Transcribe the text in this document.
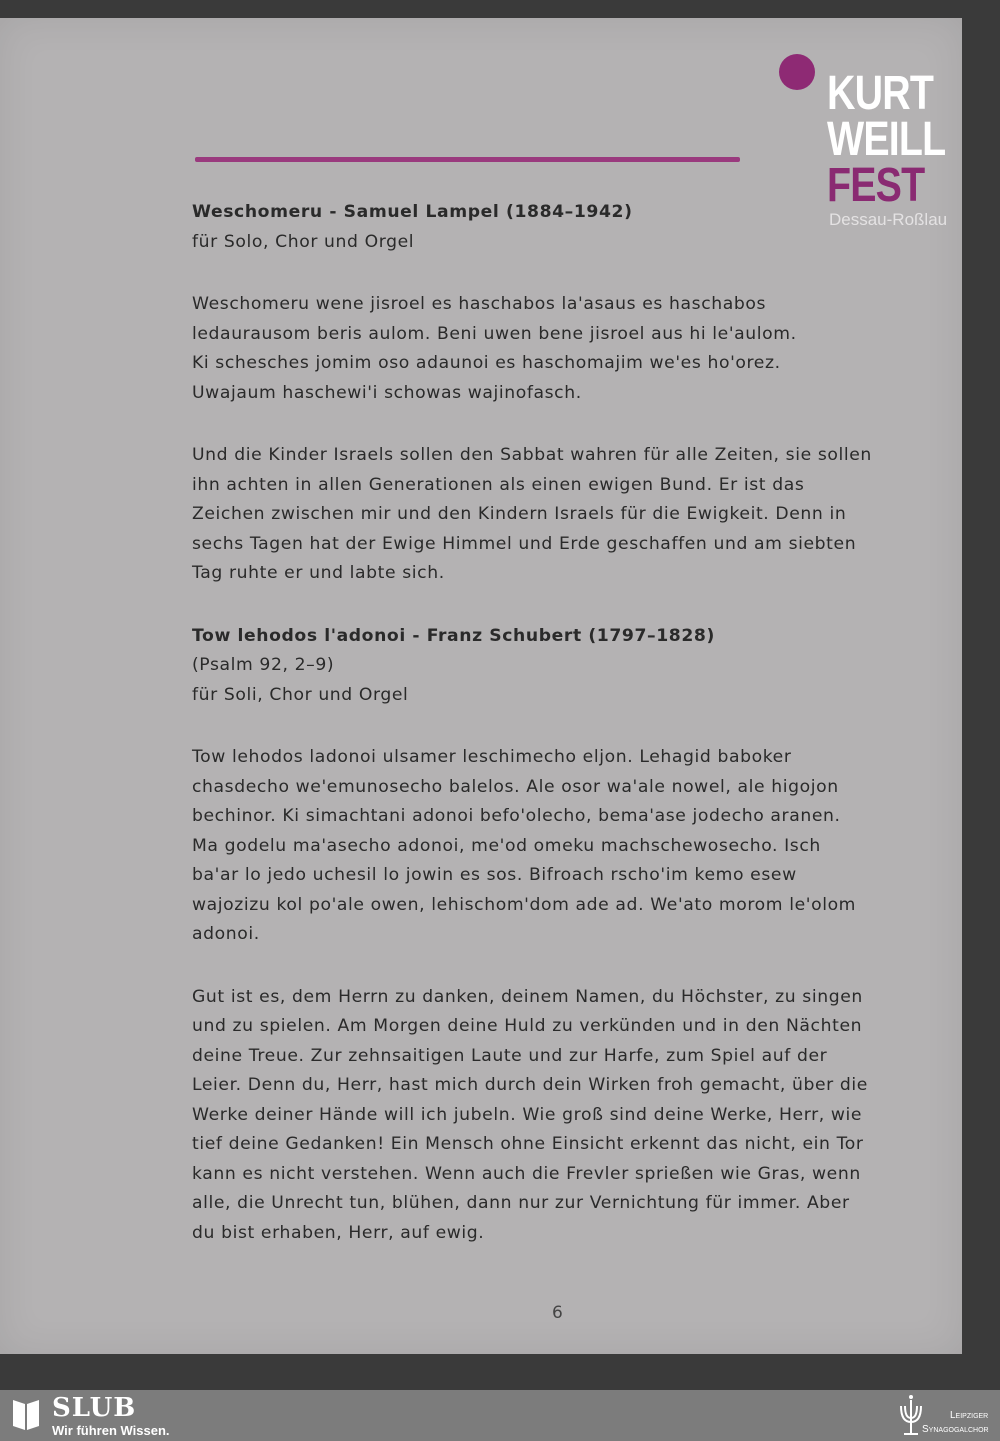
KURT
WEILL
FEST
Dessau-Roßlau

Weschomeru - Samuel Lampel (1884–1942)

für Solo, Chor und Orgel

Weschomeru wene jisroel es haschabos la'asaus es haschabos

ledaurausom beris aulom. Beni uwen bene jisroel aus hi le'aulom.

Ki schesches jomim oso adaunoi es haschomajim we'es ho'orez.

Uwajaum haschewi'i schowas wajinofasch.

Und die Kinder Israels sollen den Sabbat wahren für alle Zeiten, sie sollen

ihn achten in allen Generationen als einen ewigen Bund. Er ist das

Zeichen zwischen mir und den Kindern Israels für die Ewigkeit. Denn in

sechs Tagen hat der Ewige Himmel und Erde geschaffen und am siebten

Tag ruhte er und labte sich.

Tow lehodos l'adonoi - Franz Schubert (1797–1828)

(Psalm 92, 2–9)

für Soli, Chor und Orgel

Tow lehodos ladonoi ulsamer leschimecho eljon. Lehagid baboker

chasdecho we'emunosecho balelos. Ale osor wa'ale nowel, ale higojon

bechinor. Ki simachtani adonoi befo'olecho, bema'ase jodecho aranen.

Ma godelu ma'asecho adonoi, me'od omeku machschewosecho. Isch

ba'ar lo jedo uchesil lo jowin es sos. Bifroach rscho'im kemo esew

wajozizu kol po'ale owen, lehischom'dom ade ad. We'ato morom le'olom

adonoi.

Gut ist es, dem Herrn zu danken, deinem Namen, du Höchster, zu singen

und zu spielen. Am Morgen deine Huld zu verkünden und in den Nächten

deine Treue. Zur zehnsaitigen Laute und zur Harfe, zum Spiel auf der

Leier. Denn du, Herr, hast mich durch dein Wirken froh gemacht, über die

Werke deiner Hände will ich jubeln. Wie groß sind deine Werke, Herr, wie

tief deine Gedanken! Ein Mensch ohne Einsicht erkennt das nicht, ein Tor

kann es nicht verstehen. Wenn auch die Frevler sprießen wie Gras, wenn

alle, die Unrecht tun, blühen, dann nur zur Vernichtung für immer. Aber

du bist erhaben, Herr, auf ewig.

6
SLUB
Wir führen Wissen.
Leipziger
Synagogalchor
